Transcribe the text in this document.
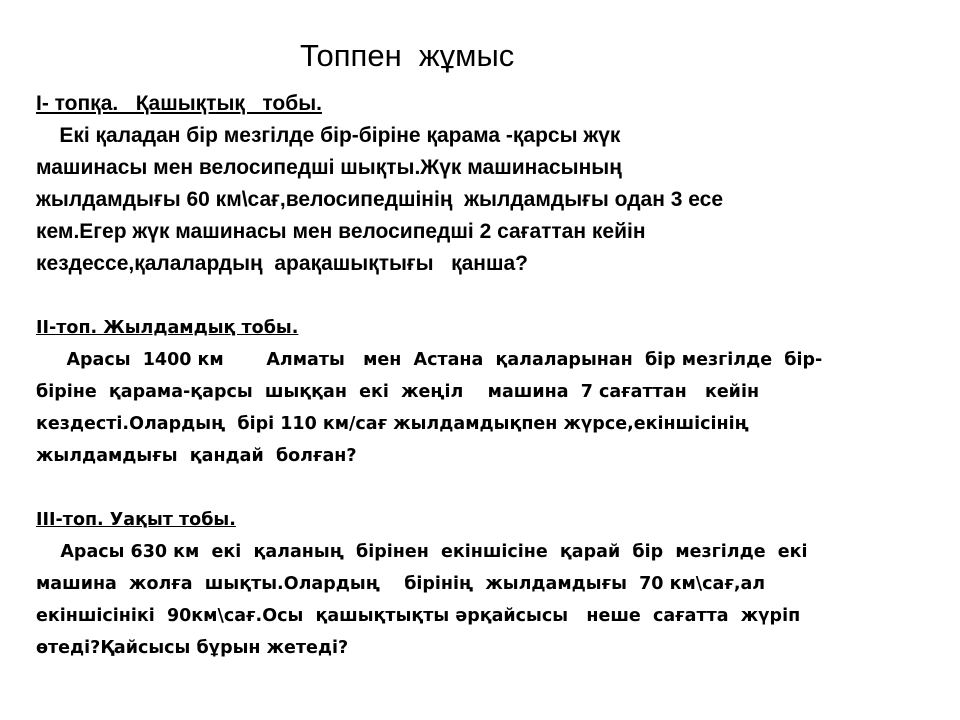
Топпен  жұмыс
I- топқа.   Қашықтық   тобы.
Екі қаладан бір мезгілде бір-біріне қарама -қарсы жүк
машинасы мен велосипедші шықты.Жүк машинасының
жылдамдығы 60 км\сағ,велосипедшінің  жылдамдығы одан 3 есе
кем.Егер жүк машинасы мен велосипедші 2 сағаттан кейін
кездессе,қалалардың  арақашықтығы   қанша?
ІІ-топ. Жылдамдық тобы.
Арасы  1400 км       Алматы   мен  Астана  қалаларынан  бір мезгілде  бір-
біріне  қарама-қарсы  шыққан  екі  жеңіл    машина  7 сағаттан   кейін
кездесті.Олардың  бірі 110 км/сағ жылдамдықпен жүрсе,екіншісінің
жылдамдығы  қандай  болған?
ІІІ-топ. Уақыт тобы.
Арасы 630 км  екі  қаланың  бірінен  екіншісіне  қарай  бір  мезгілде  екі
машина  жолға  шықты.Олардың    бірінің  жылдамдығы  70 км\сағ,ал
екіншісінікі  90км\сағ.Осы  қашықтықты әрқайсысы   неше  сағатта  жүріп
өтеді?Қайсысы бұрын жетеді?
